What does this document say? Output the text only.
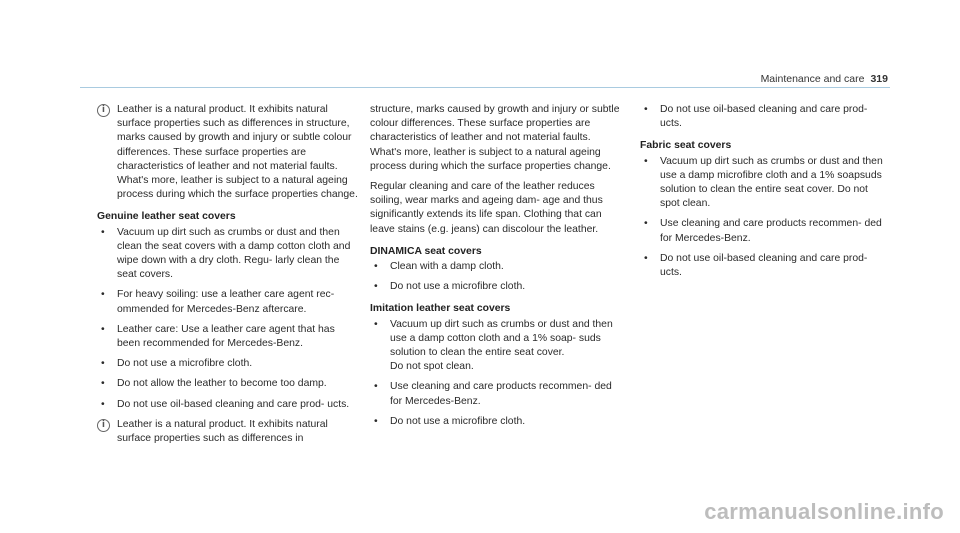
Maintenance and care 319
i	Leather is a natural product. It exhibits natural surface properties such as differences in structure, marks caused by growth and injury or subtle colour differences. These surface properties are characteristics of leather and not material faults. What's more, leather is subject to a natural ageing process during which the surface properties change.
Genuine leather seat covers
• Vacuum up dirt such as crumbs or dust and then clean the seat covers with a damp cotton cloth and wipe down with a dry cloth. Regu- larly clean the seat covers.
• For heavy soiling: use a leather care agent rec- ommended for Mercedes-Benz aftercare.
• Leather care: Use a leather care agent that has been recommended for Mercedes-Benz.
• Do not use a microfibre cloth.
• Do not allow the leather to become too damp.
• Do not use oil-based cleaning and care prod- ucts.
i	Leather is a natural product. It exhibits natural surface properties such as differences in
structure, marks caused by growth and injury or subtle colour differences. These surface properties are characteristics of leather and not material faults. What's more, leather is subject to a natural ageing process during which the surface properties change.
Regular cleaning and care of the leather reduces soiling, wear marks and ageing dam- age and thus significantly extends its life span. Clothing that can leave stains (e.g. jeans) can discolour the leather.
DINAMICA seat covers
• Clean with a damp cloth.
• Do not use a microfibre cloth.
Imitation leather seat covers
• Vacuum up dirt such as crumbs or dust and then use a damp cotton cloth and a 1% soap- suds solution to clean the entire seat cover.
Do not spot clean.
• Use cleaning and care products recommen- ded for Mercedes-Benz.
• Do not use a microfibre cloth.
• Do not use oil-based cleaning and care prod- ucts.
Fabric seat covers
• Vacuum up dirt such as crumbs or dust and then use a damp microfibre cloth and a 1% soapsuds solution to clean the entire seat cover. Do not spot clean.
• Use cleaning and care products recommen- ded for Mercedes-Benz.
• Do not use oil-based cleaning and care prod- ucts.
carmanualsonline.info
